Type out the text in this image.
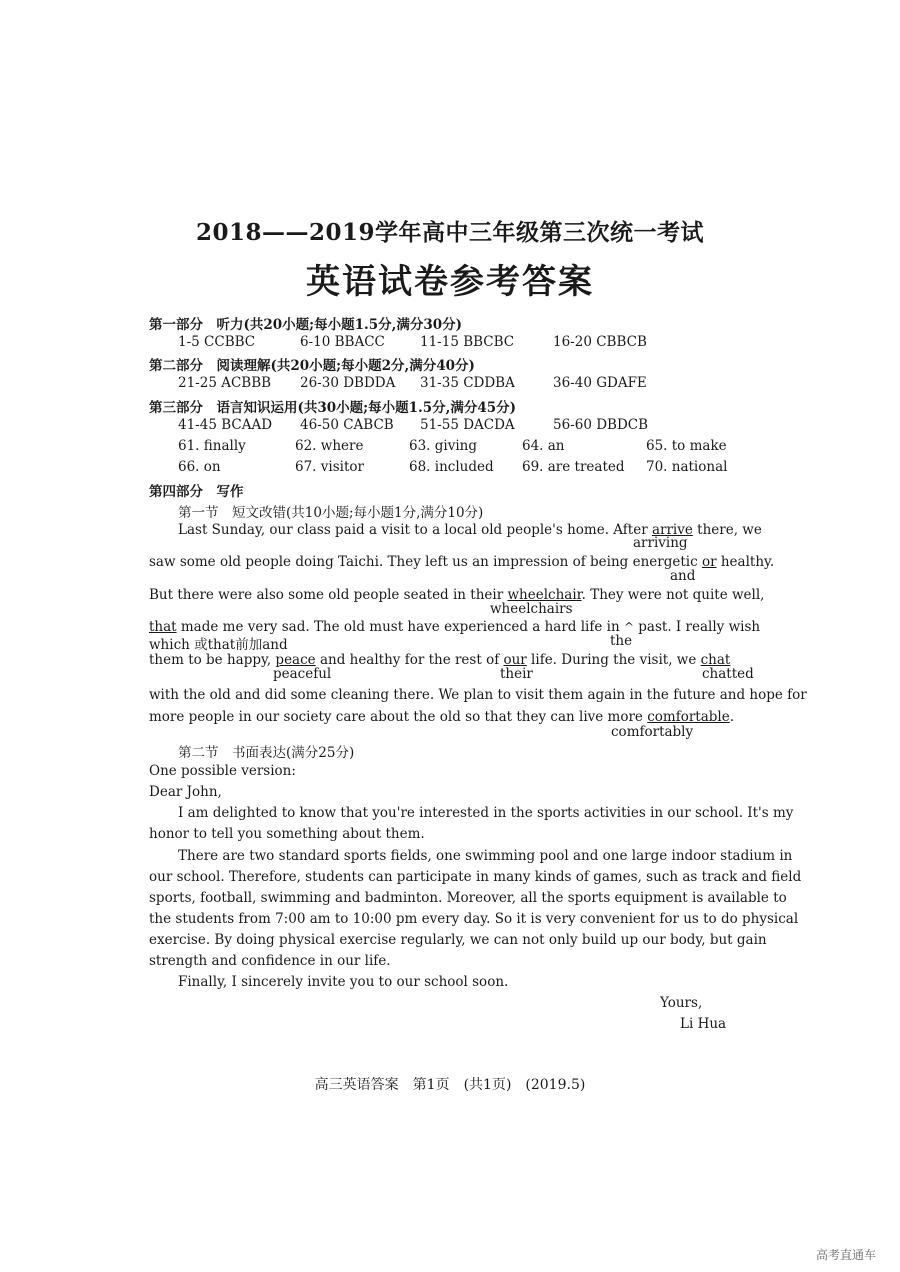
2018——2019学年高中三年级第三次统一考试
英语试卷参考答案
第一部分　听力(共20小题;每小题1.5分,满分30分)
1-5 CCBBC	6-10 BBACC	11-15 BBCBC	16-20 CBBCB
第二部分　阅读理解(共20小题;每小题2分,满分40分)
21-25 ACBBB 26-30 DBDDA 31-35 CDDBA	36-40 GDAFE
第三部分　语言知识运用(共30小题;每小题1.5分,满分45分)
41-45 BCAAD 46-50 CABCB 51-55 DACDA	56-60 DBDCB
61. finally	62. where	63. giving	64. an	65. to make
66. on	67. visitor	68. included 69. are treated 70. national
第四部分　写作
第一节　短文改错(共10小题;每小题1分,满分10分)
Last Sunday, our class paid a visit to a local old people's home. After arrive there, we
arriving
saw some old people doing Taichi. They left us an impression of being energetic or healthy.
and
But there were also some old people seated in their wheelchair. They were not quite well,
wheelchairs
that made me very sad. The old must have experienced a hard life in ^ past. I really wish
which 或that前加and	the
them to be happy, peace and healthy for the rest of our life. During the visit, we chat
peaceful	their	chatted
with the old and did some cleaning there. We plan to visit them again in the future and hope for
more people in our society care about the old so that they can live more comfortable.
comfortably
第二节　书面表达(满分25分)
One possible version:
Dear John,
I am delighted to know that you're interested in the sports activities in our school. It's my
honor to tell you something about them.
There are two standard sports fields, one swimming pool and one large indoor stadium in
our school. Therefore, students can participate in many kinds of games, such as track and field
sports, football, swimming and badminton. Moreover, all the sports equipment is available to
the students from 7:00 am to 10:00 pm every day. So it is very convenient for us to do physical
exercise. By doing physical exercise regularly, we can not only build up our body, but gain
strength and confidence in our life.
Finally, I sincerely invite you to our school soon.
Yours,
Li Hua
高三英语答案　第1页　(共1页)　(2019.5)
高考直通车
